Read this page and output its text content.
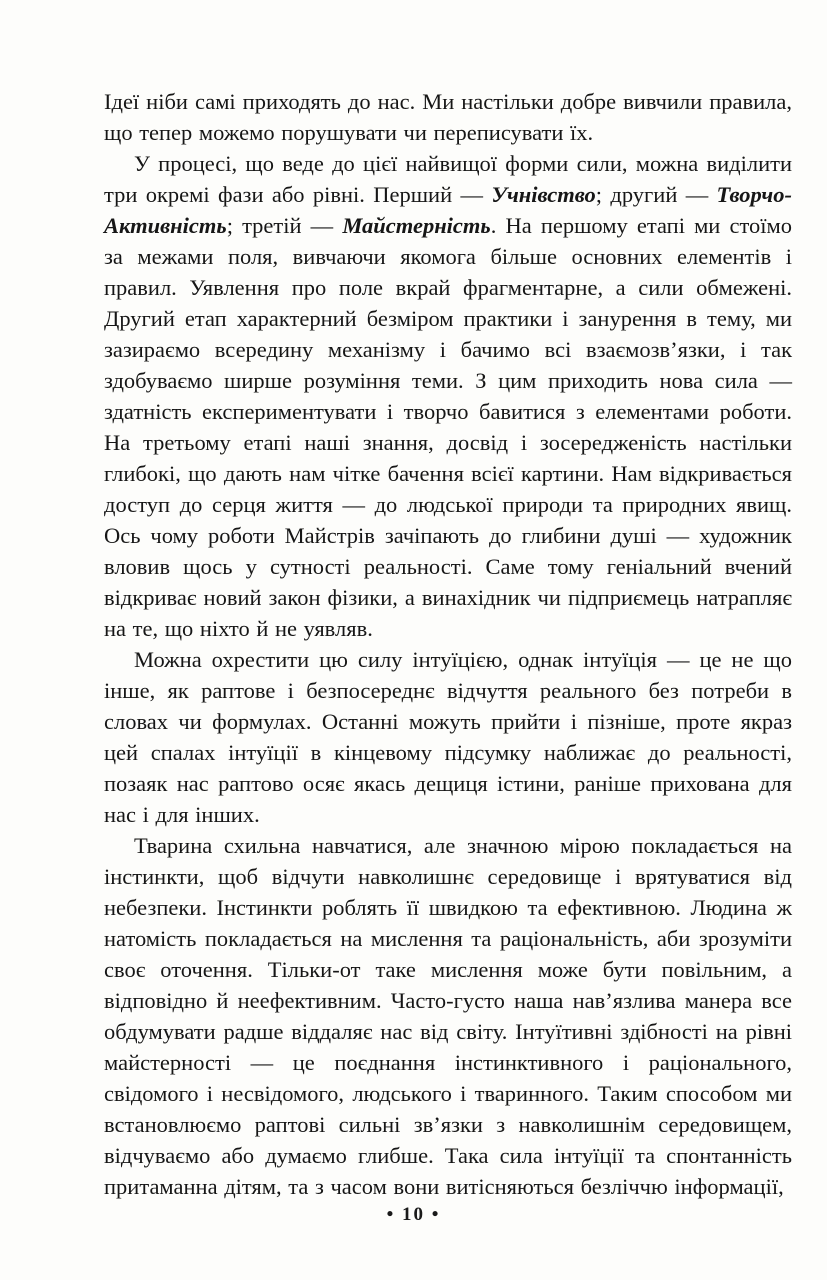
Ідеї ніби самі приходять до нас. Ми настільки добре вивчили правила, що тепер можемо порушувати чи переписувати їх.

У процесі, що веде до цієї найвищої форми сили, можна виділити три окремі фази або рівні. Перший — Учнівство; другий — Творчо-Активність; третій — Майстерність. На першому етапі ми стоїмо за межами поля, вивчаючи якомога більше основних елементів і правил. Уявлення про поле вкрай фрагментарне, а сили обмежені. Другий етап характерний безміром практики і занурення в тему, ми зазираємо всередину механізму і бачимо всі взаємозв’язки, і так здобуваємо ширше розуміння теми. З цим приходить нова сила — здатність експериментувати і творчо бавитися з елементами роботи. На третьому етапі наші знання, досвід і зосередженість настільки глибокі, що дають нам чітке бачення всієї картини. Нам відкривається доступ до серця життя — до людської природи та природних явищ. Ось чому роботи Майстрів зачіпають до глибини душі — художник вловив щось у сутності реальності. Саме тому геніальний вчений відкриває новий закон фізики, а винахідник чи підприємець натрапляє на те, що ніхто й не уявляв.

Можна охрестити цю силу інтуїцією, однак інтуїція — це не що інше, як раптове і безпосереднє відчуття реального без потреби в словах чи формулах. Останні можуть прийти і пізніше, проте якраз цей спалах інтуїції в кінцевому підсумку наближає до реальності, позаяк нас раптово осяє якась дещиця істини, раніше прихована для нас і для інших.

Тварина схильна навчатися, але значною мірою покладається на інстинкти, щоб відчути навколишнє середовище і врятуватися від небезпеки. Інстинкти роблять її швидкою та ефективною. Людина ж натомість покладається на мислення та раціональність, аби зрозуміти своє оточення. Тільки-от таке мислення може бути повільним, а відповідно й неефективним. Часто-густо наша нав’язлива манера все обдумувати радше віддаляє нас від світу. Інтуїтивні здібності на рівні майстерності — це поєднання інстинктивного і раціонального, свідомого і несвідомого, людського і тваринного. Таким способом ми встановлюємо раптові сильні зв’язки з навколишнім середовищем, відчуваємо або думаємо глибше. Така сила інтуїції та спонтанність притаманна дітям, та з часом вони витісняються безліччю інформації,

• 10 •
